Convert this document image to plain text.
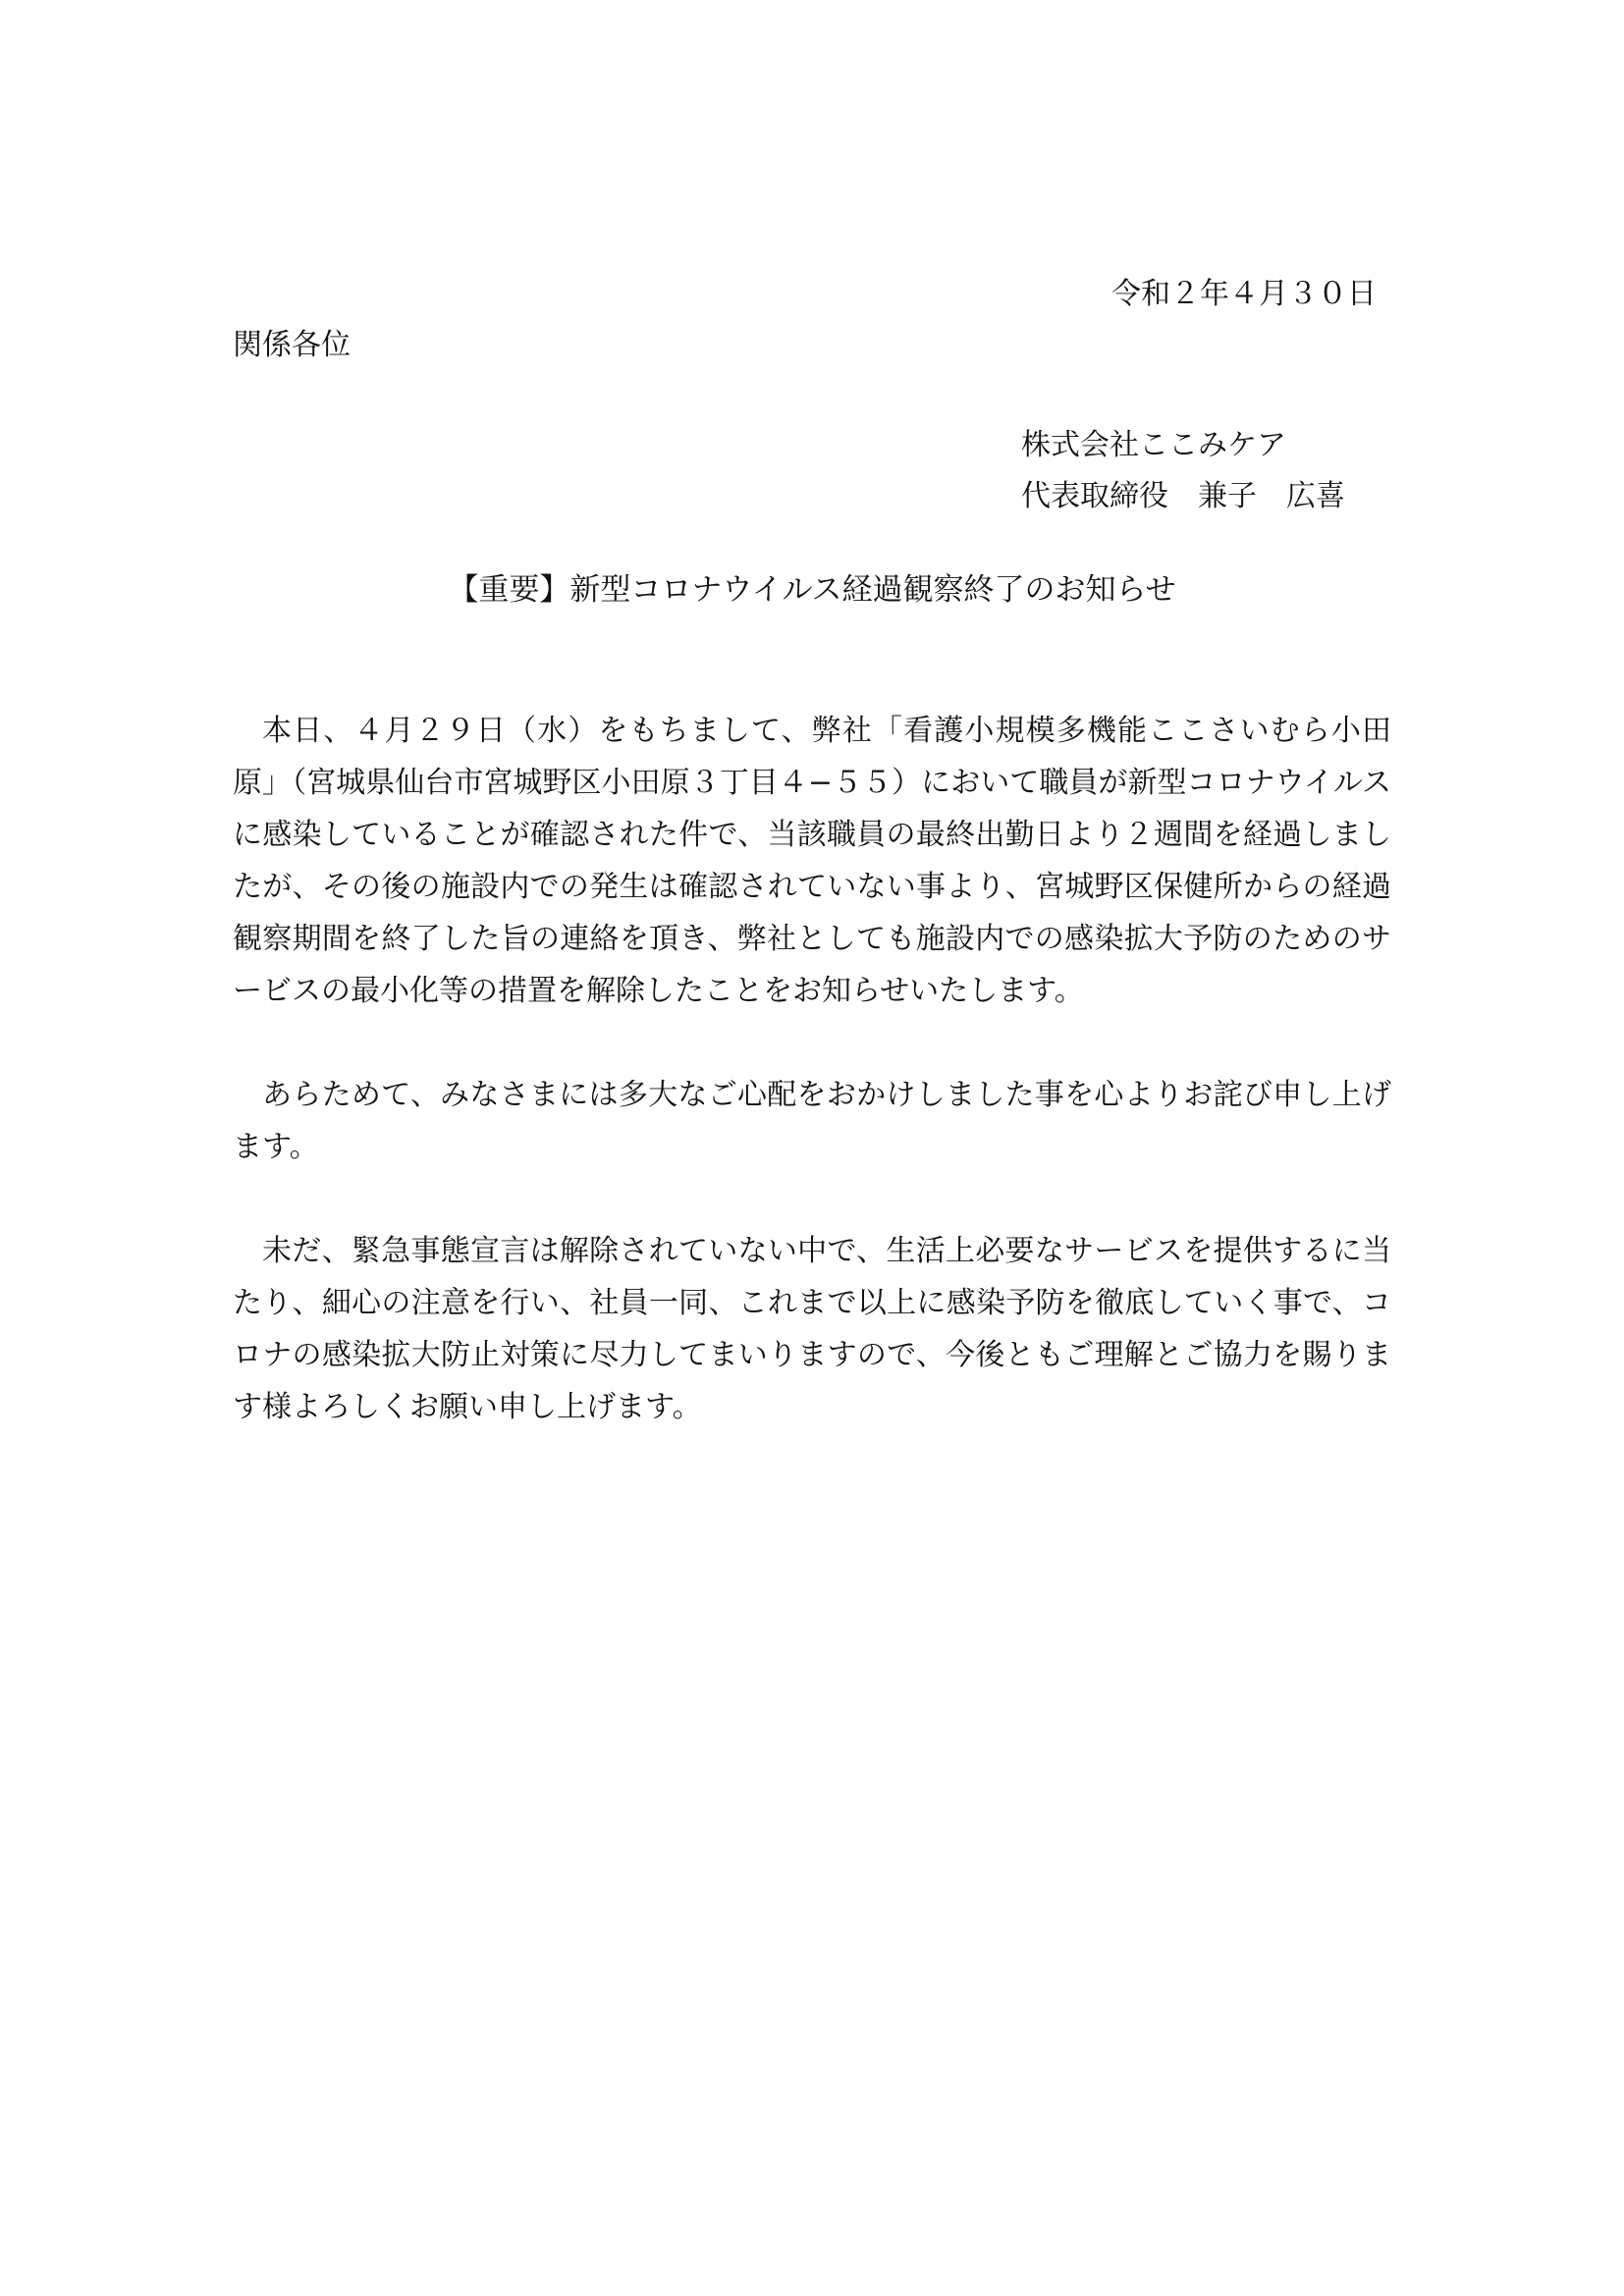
令和２年４月３０日
関係各位
株式会社ここみケア
代表取締役　兼子　広喜
【重要】新型コロナウイルス経過観察終了のお知らせ

本日、４月２９日（水）をもちまして、弊社「看護小規模多機能ここさいむら小田原」（宮城県仙台市宮城野区小田原３丁目４−５５）において職員が新型コロナウイルスに感染していることが確認された件で、当該職員の最終出勤日より２週間を経過しましたが、その後の施設内での発生は確認されていない事より、宮城野区保健所からの経過観察期間を終了した旨の連絡を頂き、弊社としても施設内での感染拡大予防のためのサービスの最小化等の措置を解除したことをお知らせいたします。

あらためて、みなさまには多大なご心配をおかけしました事を心よりお詫び申し上げます。

未だ、緊急事態宣言は解除されていない中で、生活上必要なサービスを提供するに当たり、細心の注意を行い、社員一同、これまで以上に感染予防を徹底していく事で、コロナの感染拡大防止対策に尽力してまいりますので、今後ともご理解とご協力を賜ります様よろしくお願い申し上げます。
